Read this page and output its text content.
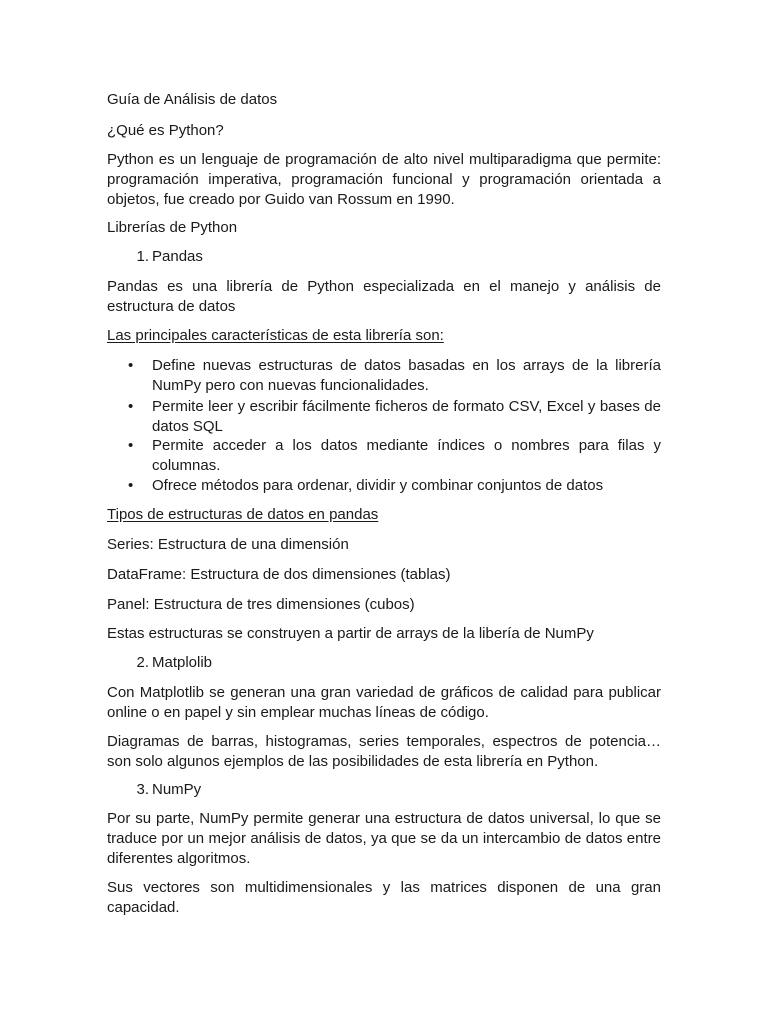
Guía de Análisis de datos

¿Qué es Python?

Python es un lenguaje de programación de alto nivel multiparadigma que permite: programación imperativa, programación funcional y programación orientada a objetos, fue creado por Guido van Rossum en 1990.

Librerías de Python

1. Pandas

Pandas es una librería de Python especializada en el manejo y análisis de estructura de datos

Las principales características de esta librería son:

•	Define nuevas estructuras de datos basadas en los arrays de la librería NumPy pero con nuevas funcionalidades.

•	Permite leer y escribir fácilmente ficheros de formato CSV, Excel y bases de datos SQL

•	Permite acceder a los datos mediante índices o nombres para filas y columnas.

•	Ofrece métodos para ordenar, dividir y combinar conjuntos de datos

Tipos de estructuras de datos en pandas

Series: Estructura de una dimensión

DataFrame: Estructura de dos dimensiones (tablas)

Panel: Estructura de tres dimensiones (cubos)

Estas estructuras se construyen a partir de arrays de la libería de NumPy

2. Matplolib

Con Matplotlib se generan una gran variedad de gráficos de calidad para publicar online o en papel y sin emplear muchas líneas de código.

Diagramas de barras, histogramas, series temporales, espectros de potencia… son solo algunos ejemplos de las posibilidades de esta librería en Python.

3. NumPy

Por su parte, NumPy permite generar una estructura de datos universal, lo que se traduce por un mejor análisis de datos, ya que se da un intercambio de datos entre diferentes algoritmos.

Sus vectores son multidimensionales y las matrices disponen de una gran capacidad.
